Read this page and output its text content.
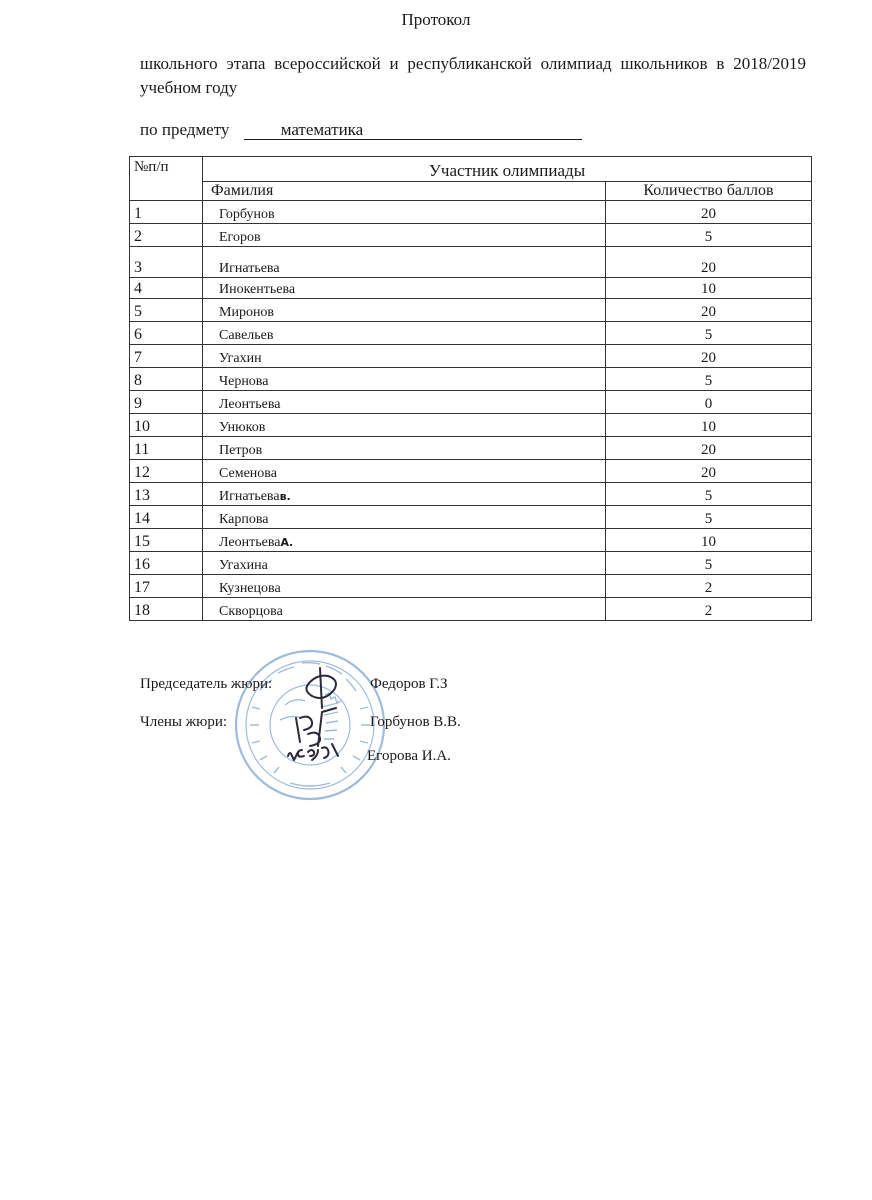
Протокол
школьного этапа всероссийской и республиканской олимпиад школьников в 2018/2019 учебном году
по предмету	математика
№п/п	Участник олимпиады	
	Фамилия	Количество баллов
1	Горбунов	20
2	Егоров	5
3	Игнатьева	20
4	Инокентьева	10
5	Миронов	20
6	Савельев	5
7	Угахин	20
8	Чернова	5
9	Леонтьева	0
10	Унюков	10
11	Петров	20
12	Семенова	20
13	Игнатьевав.	5
14	Карпова	5
15	ЛеонтьеваА.	10
16	Угахина	5
17	Кузнецова	2
18	Скворцова	2
Председатель жюри:	Федоров Г.З
Члены жюри:	Горбунов В.В.
Егорова И.А.
